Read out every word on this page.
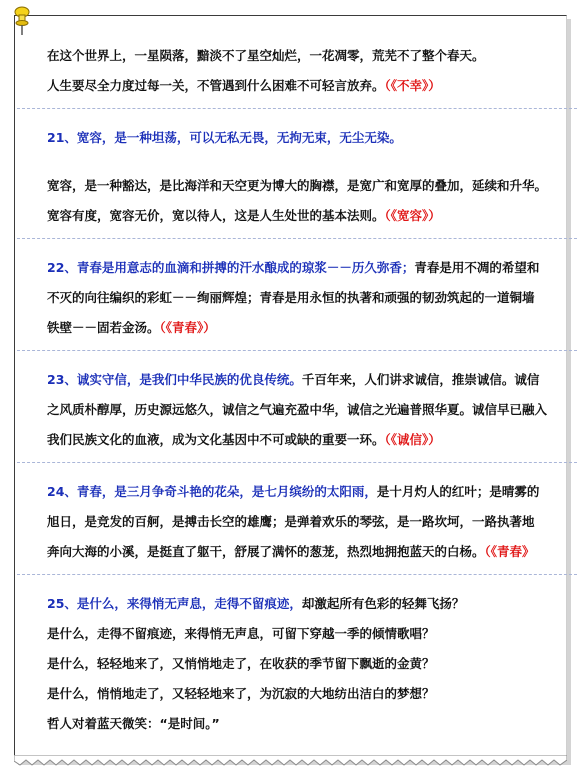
在这个世界上，一星陨落，黯淡不了星空灿烂，一花凋零，荒芜不了整个春天。
人生要尽全力度过每一关，不管遇到什么困难不可轻言放弃。（《不幸》）
21、宽容，是一种坦荡，可以无私无畏，无拘无束，无尘无染。
宽容，是一种豁达，是比海洋和天空更为博大的胸襟，是宽广和宽厚的叠加，延续和升华。
宽容有度，宽容无价，宽以待人，这是人生处世的基本法则。（《宽容》）
22、青春是用意志的血滴和拼搏的汗水酿成的琼浆－－历久弥香；青春是用不凋的希望和
不灭的向往编织的彩虹－－绚丽辉煌；青春是用永恒的执著和顽强的韧劲筑起的一道铜墙
铁壁－－固若金汤。（《青春》）
23、诚实守信，是我们中华民族的优良传统。千百年来，人们讲求诚信，推崇诚信。诚信
之风质朴醇厚，历史源远悠久，诚信之气遍充盈中华，诚信之光遍普照华夏。诚信早已融入
我们民族文化的血液，成为文化基因中不可或缺的重要一环。（《诚信》）
24、青春，是三月争奇斗艳的花朵，是七月缤纷的太阳雨，是十月灼人的红叶；是晴雾的
旭日，是竞发的百舸，是搏击长空的雄鹰；是弹着欢乐的琴弦，是一路坎坷，一路执著地
奔向大海的小溪，是挺直了躯干，舒展了满怀的葱茏，热烈地拥抱蓝天的白杨。（《青春》
25、是什么，来得悄无声息，走得不留痕迹，却激起所有色彩的轻舞飞扬？
是什么，走得不留痕迹，来得悄无声息，可留下穿越一季的倾情歌唱？
是什么，轻轻地来了，又悄悄地走了，在收获的季节留下飘逝的金黄？
是什么，悄悄地走了，又轻轻地来了，为沉寂的大地纺出洁白的梦想？
哲人对着蓝天微笑：“是时间。”
